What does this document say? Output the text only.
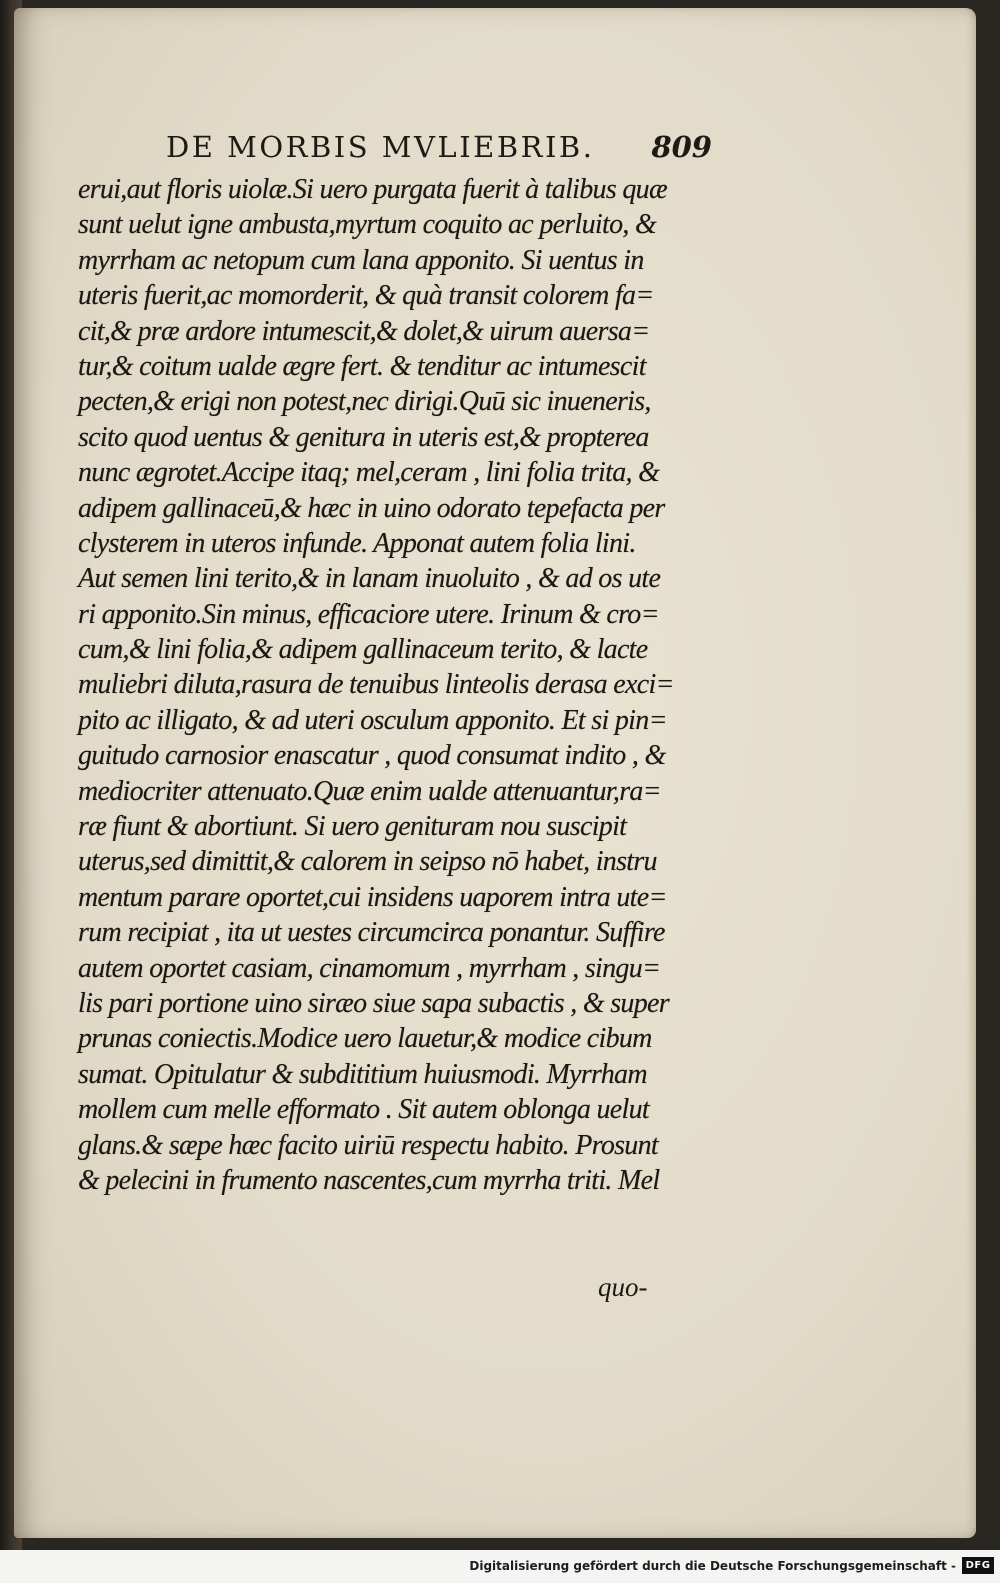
DE MORBIS MVLIEBRIB. 809
erui,aut floris uiolæ.Si uero purgata fuerit à talibus quæ
sunt uelut igne ambusta,myrtum coquito ac perluito, &
myrrham ac netopum cum lana apponito. Si uentus in
uteris fuerit,ac momorderit, & quà transit colorem fa=
cit,& præ ardore intumescit,& dolet,& uirum auersa=
tur,& coitum ualde ægre fert. & tenditur ac intumescit
pecten,& erigi non potest,nec dirigi.Quū sic inueneris,
scito quod uentus & genitura in uteris est,& propterea
nunc ægrotet.Accipe itaq; mel,ceram , lini folia trita, &
adipem gallinaceū,& hæc in uino odorato tepefacta per
clysterem in uteros infunde. Apponat autem folia lini.
Aut semen lini terito,& in lanam inuoluito , & ad os ute
ri apponito.Sin minus, efficaciore utere. Irinum & cro=
cum,& lini folia,& adipem gallinaceum terito, & lacte
muliebri diluta,rasura de tenuibus linteolis derasa exci=
pito ac illigato, & ad uteri osculum apponito. Et si pin=
guitudo carnosior enascatur , quod consumat indito , &
mediocriter attenuato.Quæ enim ualde attenuantur,ra=
ræ fiunt & abortiunt. Si uero genituram nou suscipit
uterus,sed dimittit,& calorem in seipso nō habet, instru
mentum parare oportet,cui insidens uaporem intra ute=
rum recipiat , ita ut uestes circumcirca ponantur. Suffire
autem oportet casiam, cinamomum , myrrham , singu=
lis pari portione uino siræo siue sapa subactis , & super
prunas coniectis.Modice uero lauetur,& modice cibum
sumat. Opitulatur & subdititium huiusmodi. Myrrham
mollem cum melle efformato . Sit autem oblonga uelut
glans.& sæpe hæc facito uiriū respectu habito. Prosunt
& pelecini in frumento nascentes,cum myrrha triti. Mel
quo-
Digitalisierung gefördert durch die Deutsche Forschungsgemeinschaft - DFG
